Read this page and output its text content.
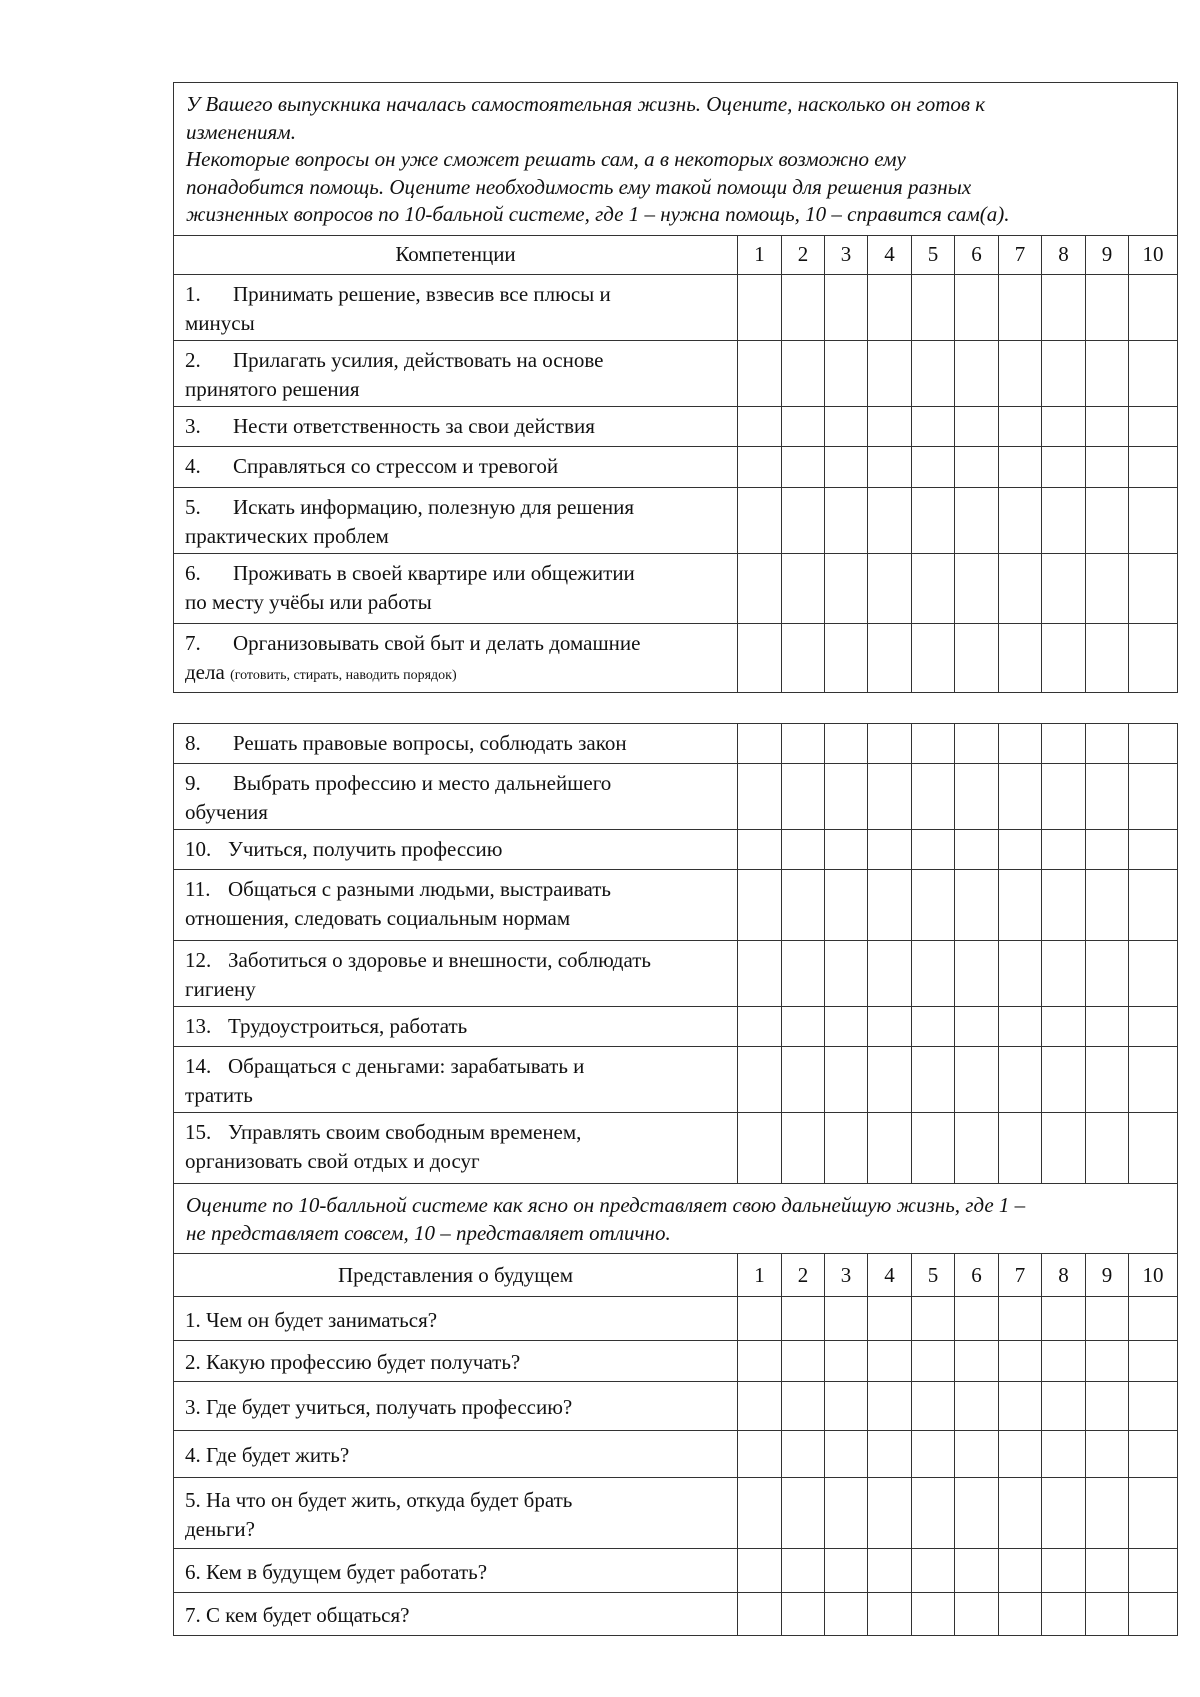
У Вашего выпускника началась самостоятельная жизнь. Оцените, насколько он готов к
изменениям.
Некоторые вопросы он уже сможет решать сам, а в некоторых возможно ему
понадобится помощь. Оцените необходимость ему такой помощи для решения разных
жизненных вопросов по 10-бальной системе, где 1 – нужна помощь, 10 – справится сам(а).										

Компетенции	1	2	3	4	5	6	7	8	9	10
1. Принимать решение, взвесив все плюсы и
минусы										
2. Прилагать усилия, действовать на основе
принятого решения										
3. Нести ответственность за свои действия										
4. Справляться со стрессом и тревогой										
5. Искать информацию, полезную для решения
практических проблем										
6. Проживать в своей квартире или общежитии
по месту учёбы или работы										
7. Организовывать свой быт и делать домашние
дела (готовить, стирать, наводить порядок)										
8. Решать правовые вопросы, соблюдать закон										
9. Выбрать профессию и место дальнейшего
обучения										
10. Учиться, получить профессию										
11. Общаться с разными людьми, выстраивать
отношения, следовать социальным нормам										
12. Заботиться о здоровье и внешности, соблюдать
гигиену										
13. Трудоустроиться, работать										
14. Обращаться с деньгами: зарабатывать и
тратить										
15. Управлять своим свободным временем,
организовать свой отдых и досуг										

Оцените по 10-балльной системе как ясно он представляет свою дальнейшую жизнь, где 1 –
не представляет совсем, 10 – представляет отлично.										

Представления о будущем	1	2	3	4	5	6	7	8	9	10
1. Чем он будет заниматься?										
2. Какую профессию будет получать?										
3. Где будет учиться, получать профессию?										
4. Где будет жить?										
5. На что он будет жить, откуда будет брать
деньги?										
6. Кем в будущем будет работать?										
7. С кем будет общаться?										
